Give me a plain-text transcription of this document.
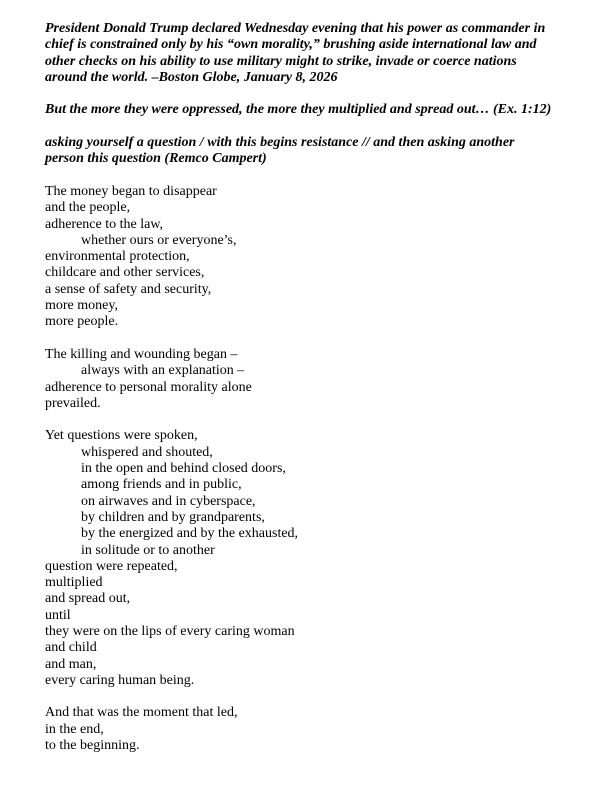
President Donald Trump declared Wednesday evening that his power as commander in
chief is constrained only by his “own morality,” brushing aside international law and
other checks on his ability to use military might to strike, invade or coerce nations
around the world. –Boston Globe, January 8, 2026
But the more they were oppressed, the more they multiplied and spread out… (Ex. 1:12)
asking yourself a question / with this begins resistance // and then asking another
person this question (Remco Campert)
The money began to disappear
and the people,
adherence to the law,
whether ours or everyone’s,
environmental protection,
childcare and other services,
a sense of safety and security,
more money,
more people.
The killing and wounding began –
always with an explanation –
adherence to personal morality alone
prevailed.
Yet questions were spoken,
whispered and shouted,
in the open and behind closed doors,
among friends and in public,
on airwaves and in cyberspace,
by children and by grandparents,
by the energized and by the exhausted,
in solitude or to another
question were repeated,
multiplied
and spread out,
until
they were on the lips of every caring woman
and child
and man,
every caring human being.
And that was the moment that led,
in the end,
to the beginning.
